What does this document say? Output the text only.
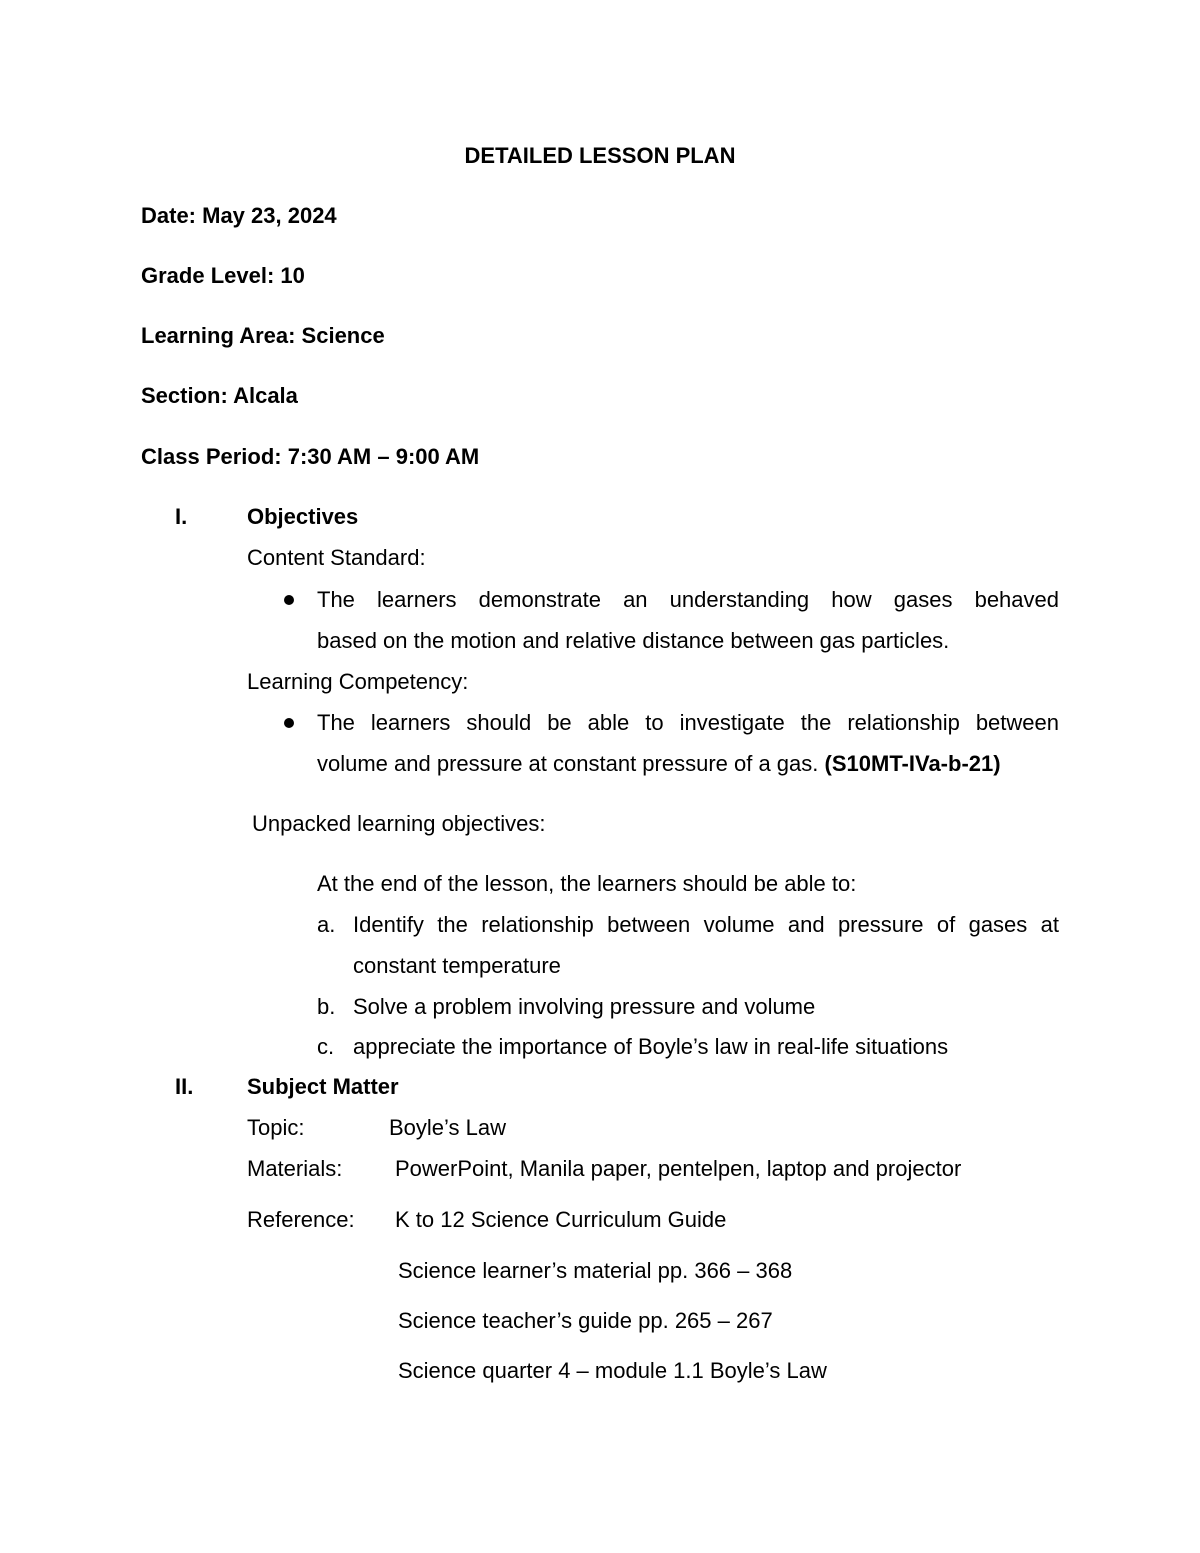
DETAILED LESSON PLAN
Date: May 23, 2024
Grade Level: 10
Learning Area: Science
Section: Alcala
Class Period: 7:30 AM – 9:00 AM
I.	Objectives
Content Standard:
The learners demonstrate an understanding how gases behaved
based on the motion and relative distance between gas particles.
Learning Competency:
The learners should be able to investigate the relationship between
volume and pressure at constant pressure of a gas. (S10MT-IVa-b-21)
Unpacked learning objectives:
At the end of the lesson, the learners should be able to:
a. Identify the relationship between volume and pressure of gases at
constant temperature
b. Solve a problem involving pressure and volume
c. appreciate the importance of Boyle’s law in real-life situations
II. Subject Matter
Topic:	Boyle’s Law
Materials: PowerPoint, Manila paper, pentelpen, laptop and projector
Reference: K to 12 Science Curriculum Guide
Science learner’s material pp. 366 – 368
Science teacher’s guide pp. 265 – 267
Science quarter 4 – module 1.1 Boyle’s Law
